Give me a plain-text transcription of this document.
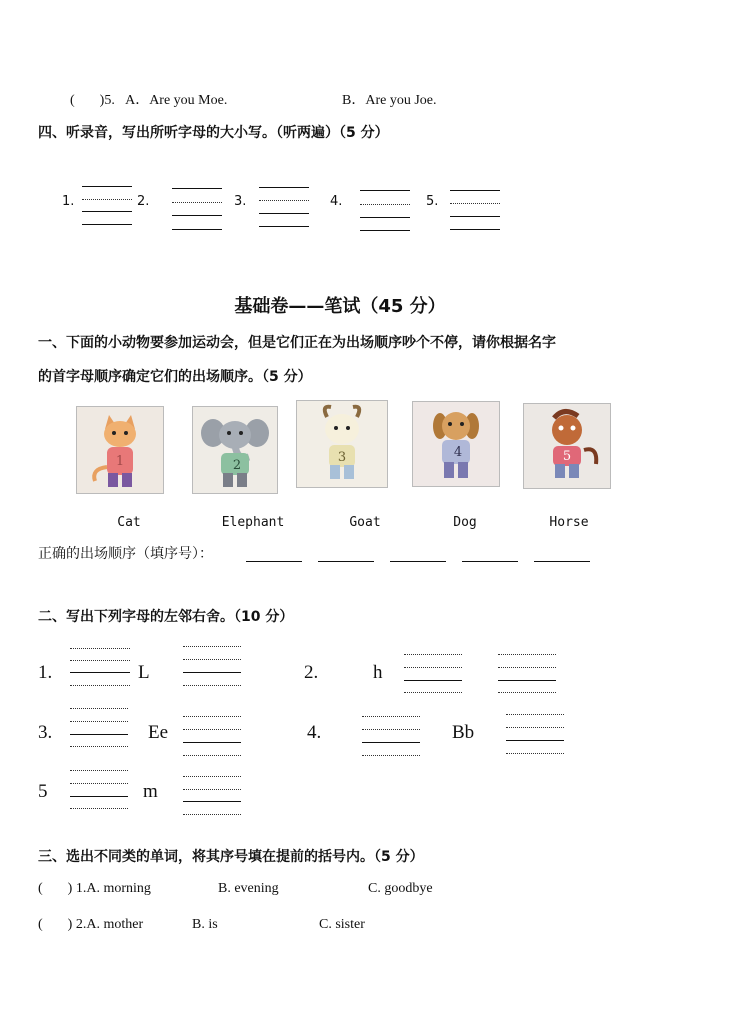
( )5. A．Are you Moe.	B．Are you Joe.
四、听录音，写出所听字母的大小写。（听两遍）（5 分）
1.	2.	3.	4.	5.
基础卷——笔试（45 分）
一、下面的小动物要参加运动会，但是它们正在为出场顺序吵个不停，请你根据名字
的首字母顺序确定它们的出场顺序。（5 分）
1	2
3	4	5
Cat	Elephant	Goat	Dog	Horse
正确的出场顺序（填序号）：
二、写出下列字母的左邻右舍。（10 分）
1.	L	2.	h
3.	Ee	4.	Bb
5	m
三、选出不同类的单词，将其序号填在提前的括号内。（5 分）
( ) 1.A. morning	B. evening	C. goodbye
( ) 2.A. mother	B. is	C. sister
